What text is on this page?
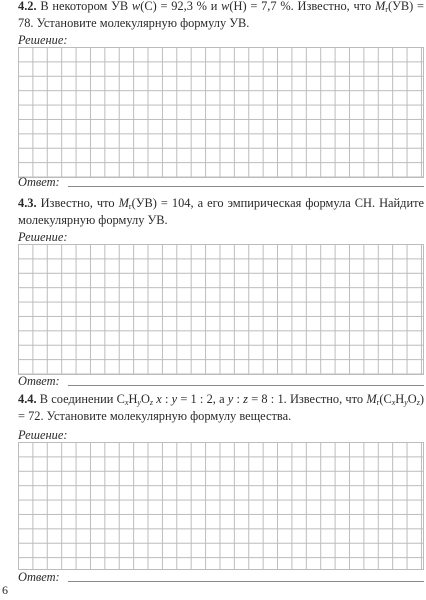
4.2. В некотором УВ w(С) = 92,3 % и w(Н) = 7,7 %. Известно, что $M_r(УВ) = 78$. Установите молекулярную формулу УВ.

Решение:
Ответ:

4.3. Известно, что $M_r(УВ) = 104$, а его эмпирическая формула СН. Найдите молекулярную формулу УВ.

Решение:
Ответ:

4.4. В соединении $С_xН_yО_z$ x : y = 1 : 2, а y : z = 8 : 1. Известно, что $M_r(С_xН_yО_z) = 72$. Установите молекулярную формулу вещества.

Решение:
Ответ:
6
